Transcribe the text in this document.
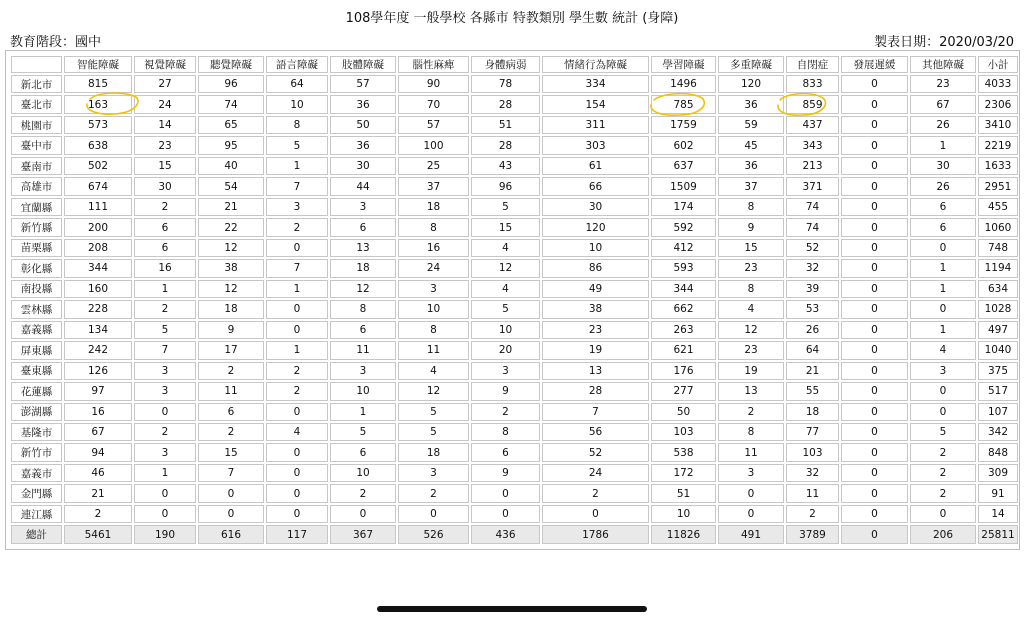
108學年度 一般學校 各縣市 特教類別 學生數 統計 (身障)
教育階段：國中	製表日期：2020/03/20
	智能障礙	視覺障礙	聽覺障礙	語言障礙	肢體障礙	腦性麻痺	身體病弱	情緒行為障礙	學習障礙	多重障礙	自閉症	發展遲緩	其他障礙	小計
新北市	815	27	96	64	57	90	78	334	1496	120	833	0	23	4033
臺北市	163	24	74	10	36	70	28	154	785	36	859	0	67	2306
桃園市	573	14	65	8	50	57	51	311	1759	59	437	0	26	3410
臺中市	638	23	95	5	36	100	28	303	602	45	343	0	1	2219
臺南市	502	15	40	1	30	25	43	61	637	36	213	0	30	1633
高雄市	674	30	54	7	44	37	96	66	1509	37	371	0	26	2951
宜蘭縣	111	2	21	3	3	18	5	30	174	8	74	0	6	455
新竹縣	200	6	22	2	6	8	15	120	592	9	74	0	6	1060
苗栗縣	208	6	12	0	13	16	4	10	412	15	52	0	0	748
彰化縣	344	16	38	7	18	24	12	86	593	23	32	0	1	1194
南投縣	160	1	12	1	12	3	4	49	344	8	39	0	1	634
雲林縣	228	2	18	0	8	10	5	38	662	4	53	0	0	1028
嘉義縣	134	5	9	0	6	8	10	23	263	12	26	0	1	497
屏東縣	242	7	17	1	11	11	20	19	621	23	64	0	4	1040
臺東縣	126	3	2	2	3	4	3	13	176	19	21	0	3	375
花蓮縣	97	3	11	2	10	12	9	28	277	13	55	0	0	517
澎湖縣	16	0	6	0	1	5	2	7	50	2	18	0	0	107
基隆市	67	2	2	4	5	5	8	56	103	8	77	0	5	342
新竹市	94	3	15	0	6	18	6	52	538	11	103	0	2	848
嘉義市	46	1	7	0	10	3	9	24	172	3	32	0	2	309
金門縣	21	0	0	0	2	2	0	2	51	0	11	0	2	91
連江縣	2	0	0	0	0	0	0	0	10	0	2	0	0	14
總計	5461	190	616	117	367	526	436	1786	11826	491	3789	0	206	25811
